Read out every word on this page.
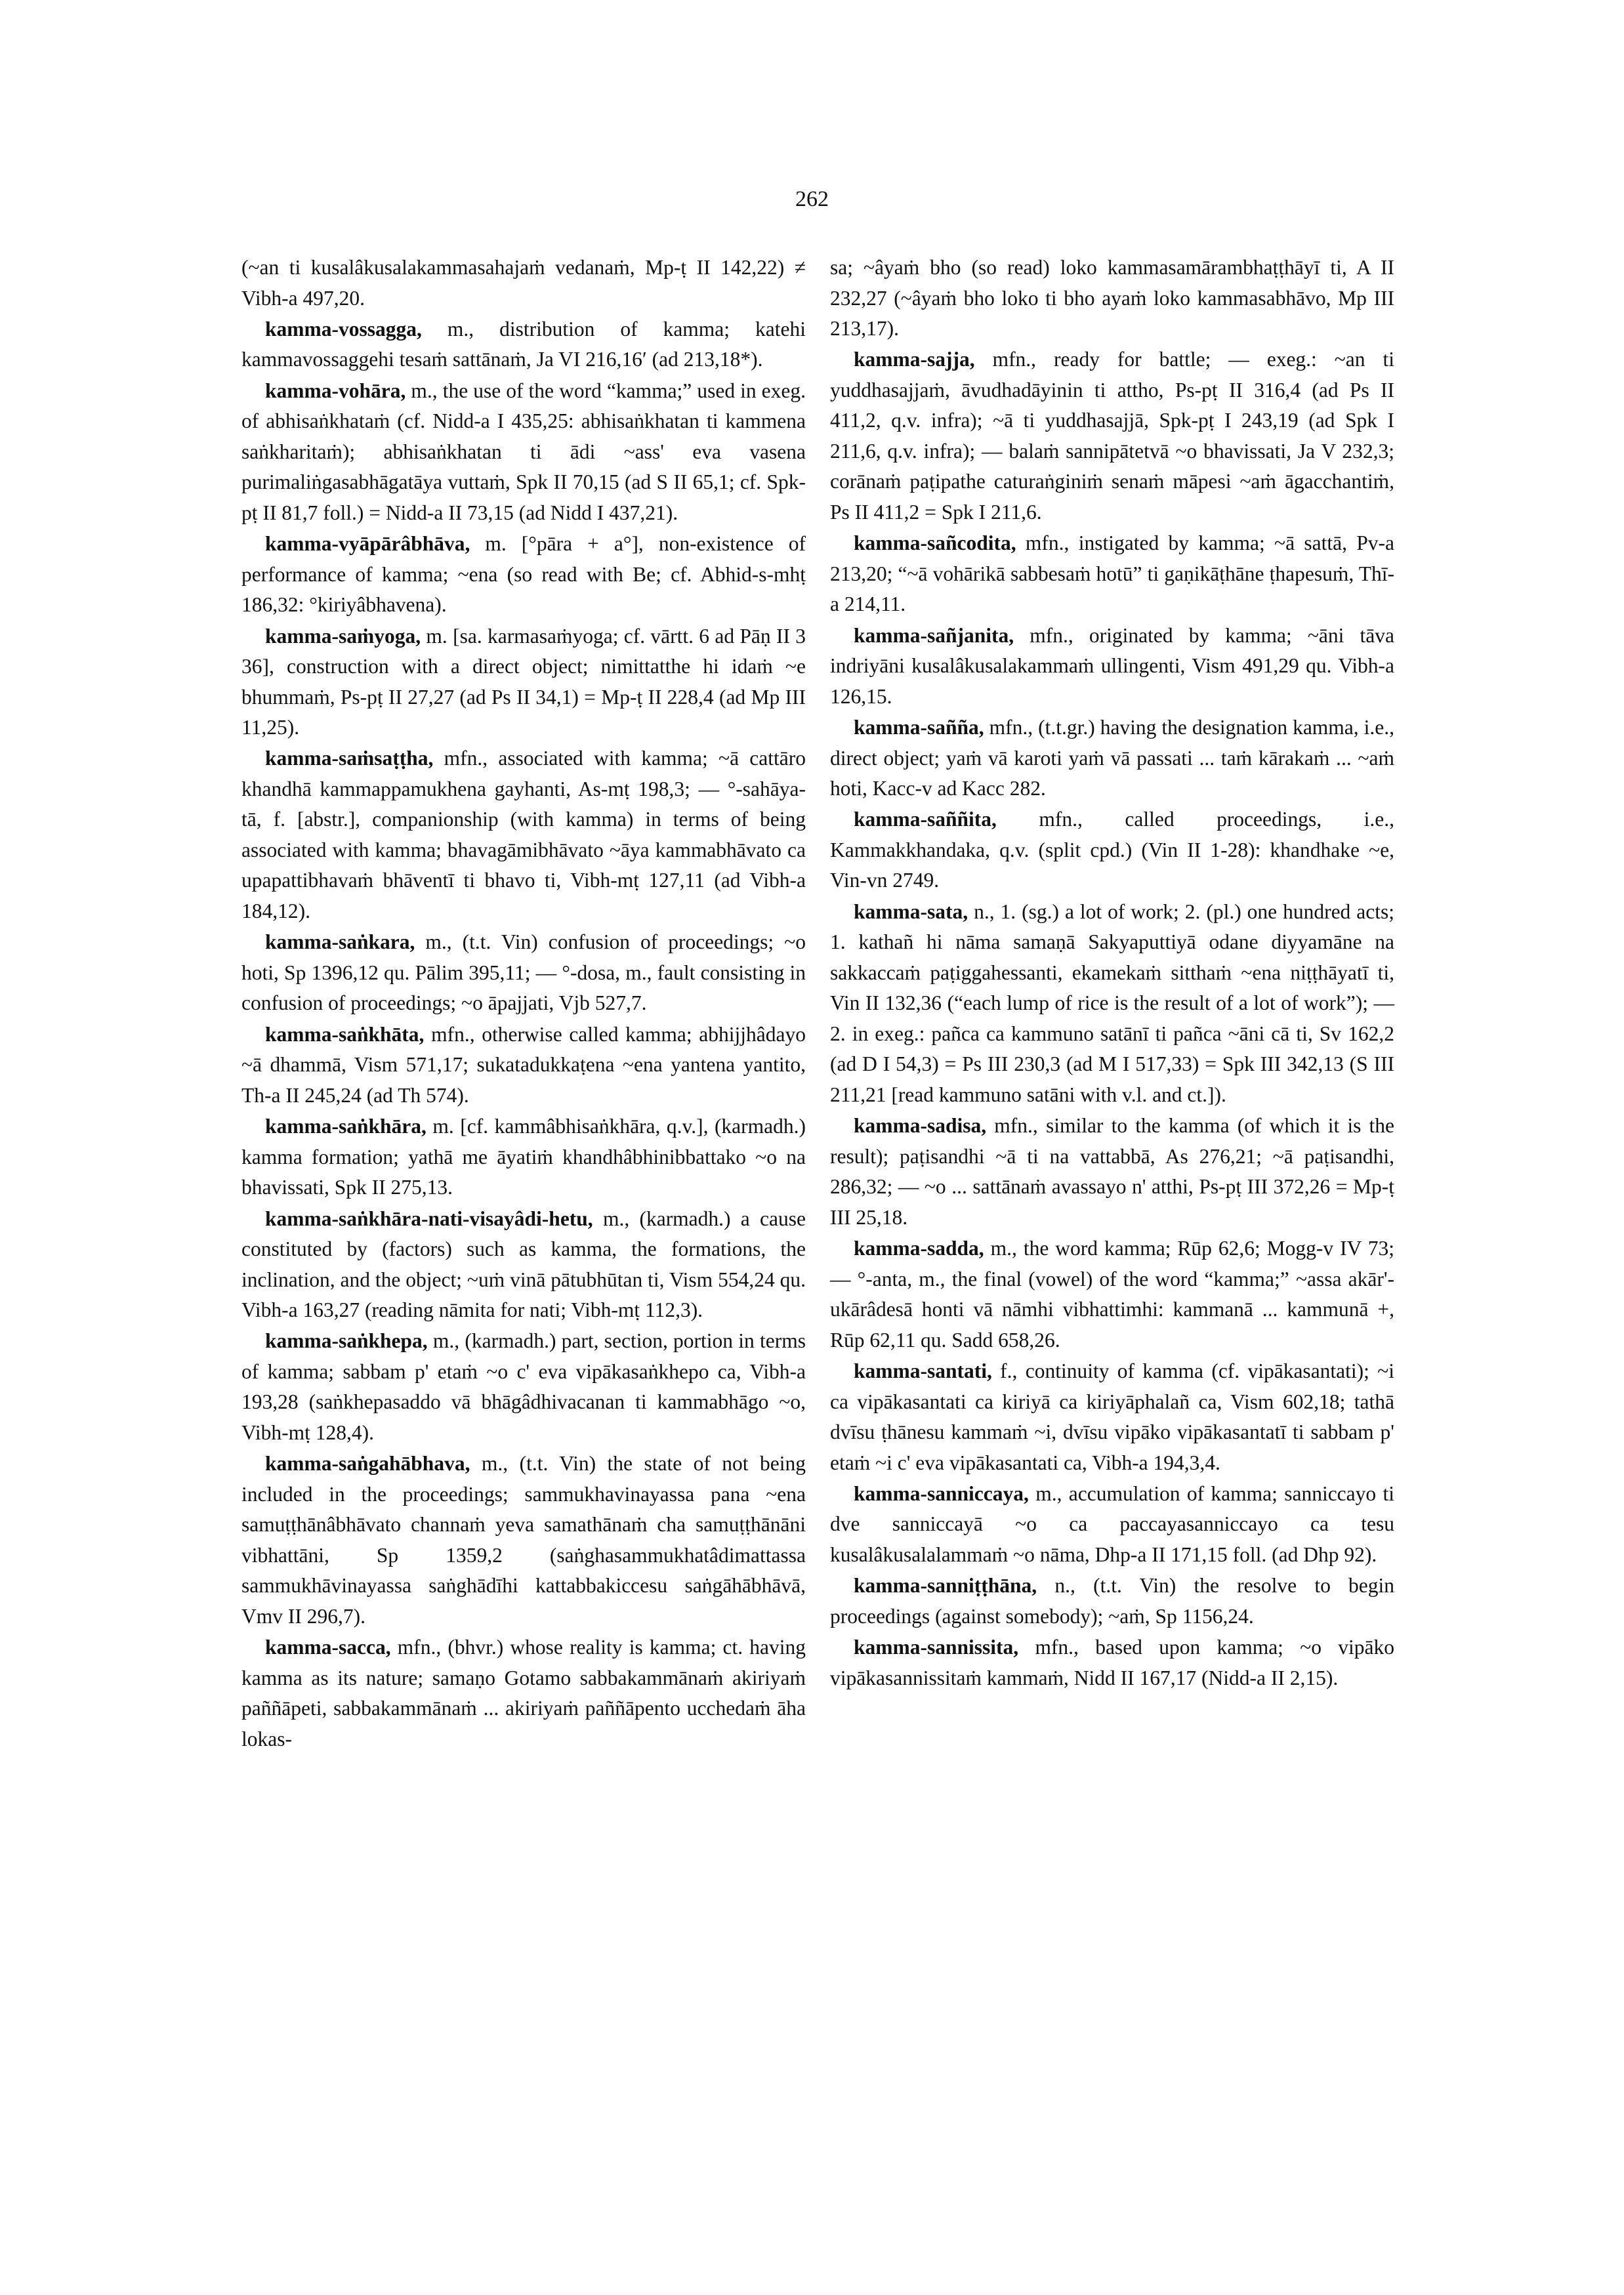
262

(~an ti kusalâkusalakammasahajaṁ vedanaṁ, Mp-ṭ II 142,22) ≠ Vibh-a 497,20.

kamma-vossagga, m., distribution of kamma; katehi kammavossaggehi tesaṁ sattānaṁ, Ja VI 216,16′ (ad 213,18*).

kamma-vohāra, m., the use of the word “kamma;” used in exeg. of abhisaṅkhataṁ (cf. Nidd-a I 435,25: abhisaṅkhatan ti kammena saṅkharitaṁ); abhisaṅkhatan ti ādi ~ass' eva vasena purimaliṅgasabhāgatāya vuttaṁ, Spk II 70,15 (ad S II 65,1; cf. Spk-pṭ II 81,7 foll.) = Nidd-a II 73,15 (ad Nidd I 437,21).

kamma-vyāpārâbhāva, m. [°pāra + a°], non-existence of performance of kamma; ~ena (so read with Be; cf. Abhid-s-mhṭ 186,32: °kiriyâbhavena).

kamma-saṁyoga, m. [sa. karmasaṁyoga; cf. vārtt. 6 ad Pāṇ II 3 36], construction with a direct object; nimittatthe hi idaṁ ~e bhummaṁ, Ps-pṭ II 27,27 (ad Ps II 34,1) = Mp-ṭ II 228,4 (ad Mp III 11,25).

kamma-saṁsaṭṭha, mfn., associated with kamma; ~ā cattāro khandhā kammappamukhena gayhanti, As-mṭ 198,3; — °-sahāya-tā, f. [abstr.], companionship (with kamma) in terms of being associated with kamma; bhavagāmibhāvato ~āya kammabhāvato ca upapattibhavaṁ bhāventī ti bhavo ti, Vibh-mṭ 127,11 (ad Vibh-a 184,12).

kamma-saṅkara, m., (t.t. Vin) confusion of proceedings; ~o hoti, Sp 1396,12 qu. Pālim 395,11; — °-dosa, m., fault consisting in confusion of proceedings; ~o āpajjati, Vjb 527,7.

kamma-saṅkhāta, mfn., otherwise called kamma; abhijjhâdayo ~ā dhammā, Vism 571,17; sukatadukkaṭena ~ena yantena yantito, Th-a II 245,24 (ad Th 574).

kamma-saṅkhāra, m. [cf. kammâbhisaṅkhāra, q.v.], (karmadh.) kamma formation; yathā me āyatiṁ khandhâbhinibbattako ~o na bhavissati, Spk II 275,13.

kamma-saṅkhāra-nati-visayâdi-hetu, m., (karmadh.) a cause constituted by (factors) such as kamma, the formations, the inclination, and the object; ~uṁ vinā pātubhūtan ti, Vism 554,24 qu. Vibh-a 163,27 (reading nāmita for nati; Vibh-mṭ 112,3).

kamma-saṅkhepa, m., (karmadh.) part, section, portion in terms of kamma; sabbam p' etaṁ ~o c' eva vipākasaṅkhepo ca, Vibh-a 193,28 (saṅkhepasaddo vā bhāgâdhivacanan ti kammabhāgo ~o, Vibh-mṭ 128,4).

kamma-saṅgahābhava, m., (t.t. Vin) the state of not being included in the proceedings; sammukhavinayassa pana ~ena samuṭṭhānâbhāvato channaṁ yeva samathānaṁ cha samuṭṭhānāni vibhattāni, Sp 1359,2 (saṅghasammukhatâdimattassa sammukhāvinayassa saṅghādīhi kattabbakiccesu saṅgāhābhāvā, Vmv II 296,7).

kamma-sacca, mfn., (bhvr.) whose reality is kamma; ct. having kamma as its nature; samaṇo Gotamo sabbakammānaṁ akiriyaṁ paññāpeti, sabbakammānaṁ ... akiriyaṁ paññāpento ucchedaṁ āha lokas-

sa; ~âyaṁ bho (so read) loko kammasamārambhaṭṭhāyī ti, A II 232,27 (~âyaṁ bho loko ti bho ayaṁ loko kammasabhāvo, Mp III 213,17).

kamma-sajja, mfn., ready for battle; — exeg.: ~an ti yuddhasajjaṁ, āvudhadāyinin ti attho, Ps-pṭ II 316,4 (ad Ps II 411,2, q.v. infra); ~ā ti yuddhasajjā, Spk-pṭ I 243,19 (ad Spk I 211,6, q.v. infra); — balaṁ sannipātetvā ~o bhavissati, Ja V 232,3; corānaṁ paṭipathe caturaṅginiṁ senaṁ māpesi ~aṁ āgacchantiṁ, Ps II 411,2 = Spk I 211,6.

kamma-sañcodita, mfn., instigated by kamma; ~ā sattā, Pv-a 213,20; “~ā vohārikā sabbesaṁ hotū” ti gaṇikāṭhāne ṭhapesuṁ, Thī-a 214,11.

kamma-sañjanita, mfn., originated by kamma; ~āni tāva indriyāni kusalâkusalakammaṁ ullingenti, Vism 491,29 qu. Vibh-a 126,15.

kamma-sañña, mfn., (t.t.gr.) having the designation kamma, i.e., direct object; yaṁ vā karoti yaṁ vā passati ... taṁ kārakaṁ ... ~aṁ hoti, Kacc-v ad Kacc 282.

kamma-saññita, mfn., called proceedings, i.e., Kammakkhandaka, q.v. (split cpd.) (Vin II 1-28): khandhake ~e, Vin-vn 2749.

kamma-sata, n., 1. (sg.) a lot of work; 2. (pl.) one hundred acts; 1. kathañ hi nāma samaṇā Sakyaputtiyā odane diyyamāne na sakkaccaṁ paṭiggahessanti, ekamekaṁ sitthaṁ ~ena niṭṭhāyatī ti, Vin II 132,36 (“each lump of rice is the result of a lot of work”); — 2. in exeg.: pañca ca kammuno satānī ti pañca ~āni cā ti, Sv 162,2 (ad D I 54,3) = Ps III 230,3 (ad M I 517,33) = Spk III 342,13 (S III 211,21 [read kammuno satāni with v.l. and ct.]).

kamma-sadisa, mfn., similar to the kamma (of which it is the result); paṭisandhi ~ā ti na vattabbā, As 276,21; ~ā paṭisandhi, 286,32; — ~o ... sattānaṁ avassayo n' atthi, Ps-pṭ III 372,26 = Mp-ṭ III 25,18.

kamma-sadda, m., the word kamma; Rūp 62,6; Mogg-v IV 73; — °-anta, m., the final (vowel) of the word “kamma;” ~assa akār'-ukārâdesā honti vā nāmhi vibhattimhi: kammanā ... kammunā +, Rūp 62,11 qu. Sadd 658,26.

kamma-santati, f., continuity of kamma (cf. vipākasantati); ~i ca vipākasantati ca kiriyā ca kiriyāphalañ ca, Vism 602,18; tathā dvīsu ṭhānesu kammaṁ ~i, dvīsu vipāko vipākasantatī ti sabbam p' etaṁ ~i c' eva vipākasantati ca, Vibh-a 194,3,4.

kamma-sanniccaya, m., accumulation of kamma; sanniccayo ti dve sanniccayā ~o ca paccayasanniccayo ca tesu kusalâkusalalammaṁ ~o nāma, Dhp-a II 171,15 foll. (ad Dhp 92).

kamma-sanniṭṭhāna, n., (t.t. Vin) the resolve to begin proceedings (against somebody); ~aṁ, Sp 1156,24.

kamma-sannissita, mfn., based upon kamma; ~o vipāko vipākasannissitaṁ kammaṁ, Nidd II 167,17 (Nidd-a II 2,15).
